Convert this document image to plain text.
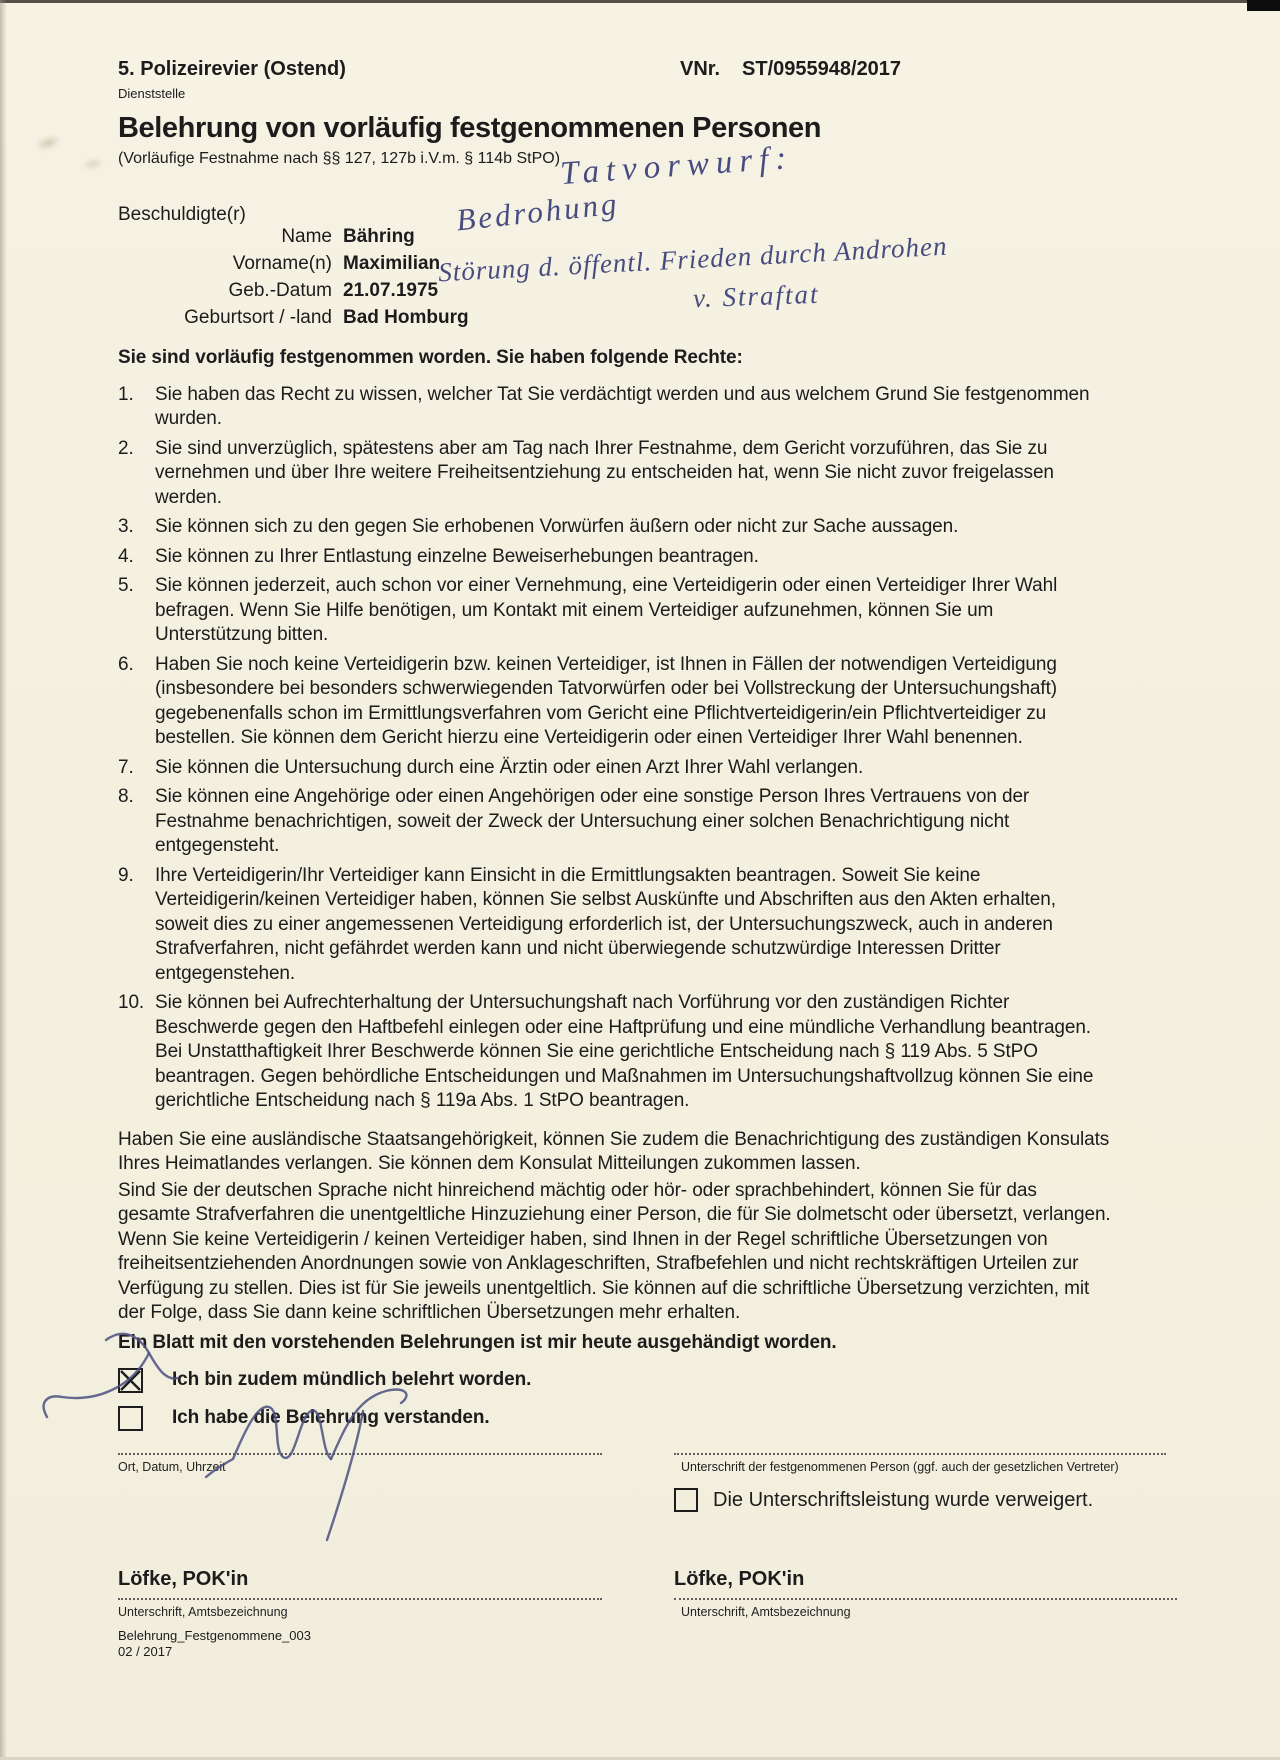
5. Polizeirevier (Ostend)
Dienststelle
VNr. ST/0955948/2017
Belehrung von vorläufig festgenommenen Personen
(Vorläufige Festnahme nach §§ 127, 127b i.V.m. § 114b StPO)
Tatvorwurf:
Bedrohung
Störung d. öffentl. Frieden durch Androhen
v. Straftat
Beschuldigte(r)
Name Bähring
Vorname(n) Maximilian
Geb.-Datum 21.07.1975
Geburtsort / -land Bad Homburg
Sie sind vorläufig festgenommen worden. Sie haben folgende Rechte:
1.	Sie haben das Recht zu wissen, welcher Tat Sie verdächtigt werden und aus welchem Grund Sie festgenommen wurden.
2.	Sie sind unverzüglich, spätestens aber am Tag nach Ihrer Festnahme, dem Gericht vorzuführen, das Sie zu vernehmen und über Ihre weitere Freiheitsentziehung zu entscheiden hat, wenn Sie nicht zuvor freigelassen werden.
3.	Sie können sich zu den gegen Sie erhobenen Vorwürfen äußern oder nicht zur Sache aussagen.
4.	Sie können zu Ihrer Entlastung einzelne Beweiserhebungen beantragen.
5.	Sie können jederzeit, auch schon vor einer Vernehmung, eine Verteidigerin oder einen Verteidiger Ihrer Wahl befragen. Wenn Sie Hilfe benötigen, um Kontakt mit einem Verteidiger aufzunehmen, können Sie um Unterstützung bitten.
6.	Haben Sie noch keine Verteidigerin bzw. keinen Verteidiger, ist Ihnen in Fällen der notwendigen Verteidigung (insbesondere bei besonders schwerwiegenden Tatvorwürfen oder bei Vollstreckung der Untersuchungshaft) gegebenenfalls schon im Ermittlungsverfahren vom Gericht eine Pflichtverteidigerin/ein Pflichtverteidiger zu bestellen. Sie können dem Gericht hierzu eine Verteidigerin oder einen Verteidiger Ihrer Wahl benennen.
7.	Sie können die Untersuchung durch eine Ärztin oder einen Arzt Ihrer Wahl verlangen.
8.	Sie können eine Angehörige oder einen Angehörigen oder eine sonstige Person Ihres Vertrauens von der Festnahme benachrichtigen, soweit der Zweck der Untersuchung einer solchen Benachrichtigung nicht entgegensteht.
9.	Ihre Verteidigerin/Ihr Verteidiger kann Einsicht in die Ermittlungsakten beantragen. Soweit Sie keine Verteidigerin/keinen Verteidiger haben, können Sie selbst Auskünfte und Abschriften aus den Akten erhalten, soweit dies zu einer angemessenen Verteidigung erforderlich ist, der Untersuchungszweck, auch in anderen Strafverfahren, nicht gefährdet werden kann und nicht überwiegende schutzwürdige Interessen Dritter entgegenstehen.
10. Sie können bei Aufrechterhaltung der Untersuchungshaft nach Vorführung vor den zuständigen Richter Beschwerde gegen den Haftbefehl einlegen oder eine Haftprüfung und eine mündliche Verhandlung beantragen. Bei Unstatthaftigkeit Ihrer Beschwerde können Sie eine gerichtliche Entscheidung nach § 119 Abs. 5 StPO beantragen. Gegen behördliche Entscheidungen und Maßnahmen im Untersuchungshaftvollzug können Sie eine gerichtliche Entscheidung nach § 119a Abs. 1 StPO beantragen.
Haben Sie eine ausländische Staatsangehörigkeit, können Sie zudem die Benachrichtigung des zuständigen Konsulats Ihres Heimatlandes verlangen. Sie können dem Konsulat Mitteilungen zukommen lassen.
Sind Sie der deutschen Sprache nicht hinreichend mächtig oder hör- oder sprachbehindert, können Sie für das gesamte Strafverfahren die unentgeltliche Hinzuziehung einer Person, die für Sie dolmetscht oder übersetzt, verlangen. Wenn Sie keine Verteidigerin / keinen Verteidiger haben, sind Ihnen in der Regel schriftliche Übersetzungen von freiheitsentziehenden Anordnungen sowie von Anklageschriften, Strafbefehlen und nicht rechtskräftigen Urteilen zur Verfügung zu stellen. Dies ist für Sie jeweils unentgeltlich. Sie können auf die schriftliche Übersetzung verzichten, mit der Folge, dass Sie dann keine schriftlichen Übersetzungen mehr erhalten.
Ein Blatt mit den vorstehenden Belehrungen ist mir heute ausgehändigt worden.
Ich bin zudem mündlich belehrt worden.
Ich habe die Belehrung verstanden.
Ort, Datum, Uhrzeit	Unterschrift der festgenommenen Person (ggf. auch der gesetzlichen Vertreter)
Die Unterschriftsleistung wurde verweigert.
Löfke, POK'in
Unterschrift, Amtsbezeichnung
Löfke, POK'in
Unterschrift, Amtsbezeichnung
Belehrung_Festgenommene_003
02 / 2017
